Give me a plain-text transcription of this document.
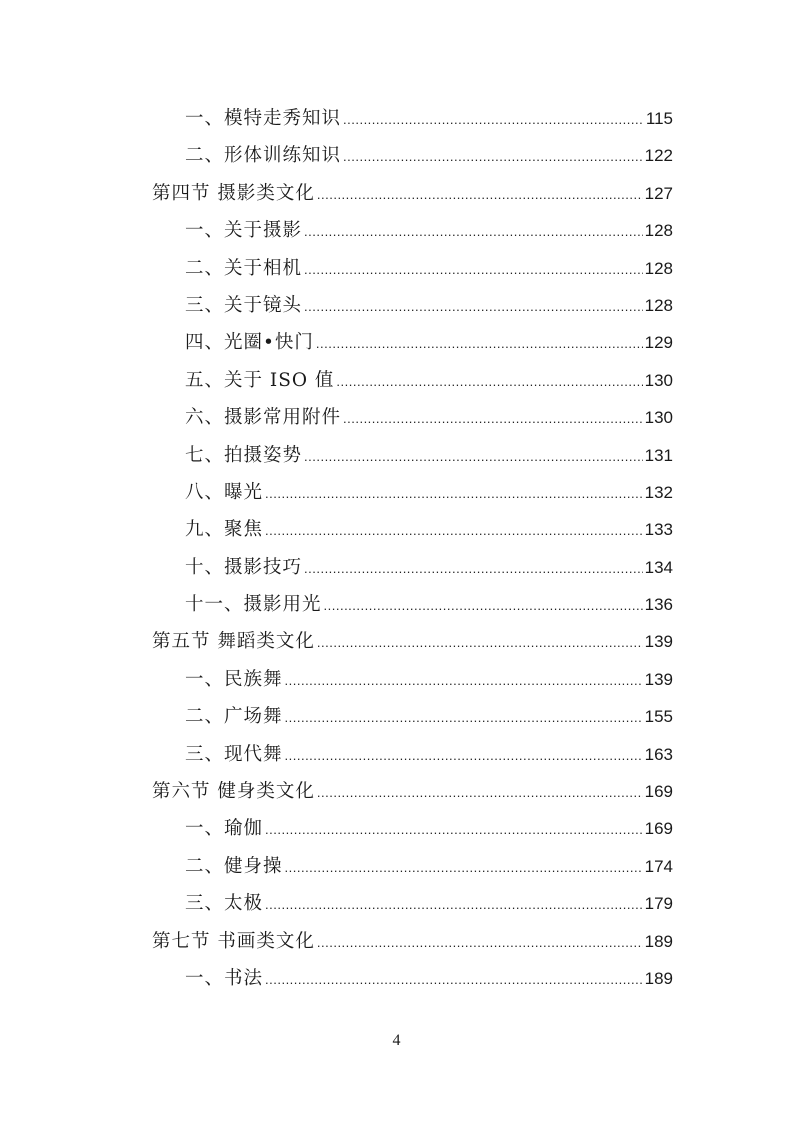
一、模特走秀知识 .....	115
二、形体训练知识 .....	122
第四节 摄影类文化 .....	127
一、关于摄影 .....	128
二、关于相机 .....	128
三、关于镜头 .....	128
四、光圈•快门 .....	129
五、关于 ISO 值 .....	130
六、摄影常用附件 .....	130
七、拍摄姿势 .....	131
八、曝光 .....	132
九、聚焦 .....	133
十、摄影技巧 .....	134
十一、摄影用光 .....	136
第五节 舞蹈类文化 .....	139
一、民族舞 .....	139
二、广场舞 .....	155
三、现代舞 .....	163
第六节 健身类文化 .....	169
一、瑜伽 .....	169
二、健身操 .....	174
三、太极 .....	179
第七节 书画类文化 .....	189
一、书法 .....	189
4
